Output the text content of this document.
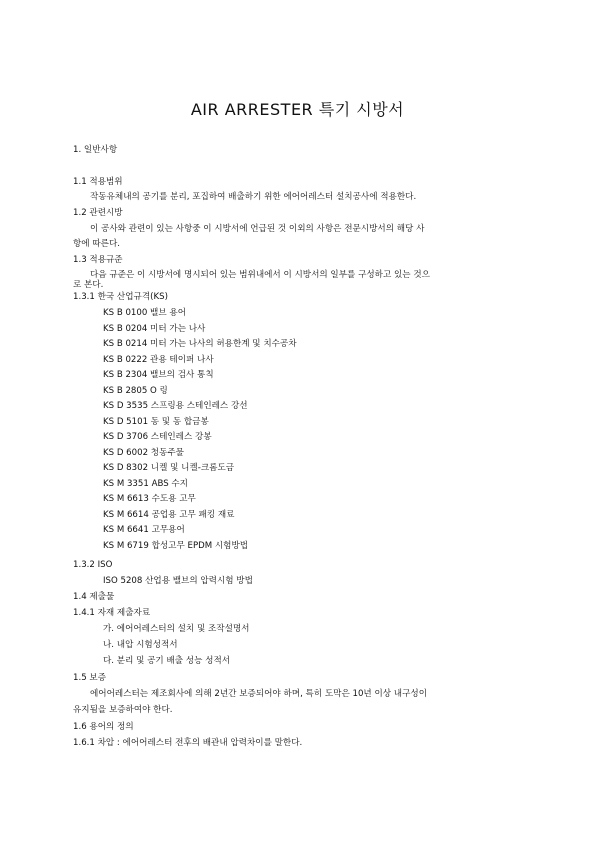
AIR ARRESTER 특기 시방서
1. 일반사항
1.1 적용범위
작동유체내의 공기를 분리, 포집하여 배출하기 위한 에어어레스터 설치공사에 적용한다.
1.2 관련시방
이 공사와 관련이 있는 사항중 이 시방서에 언급된 것 이외의 사항은 전문시방서의 해당 사
항에 따른다.
1.3 적용규준
다음 규준은 이 시방서에 명시되어 있는 범위내에서 이 시방서의 일부를 구성하고 있는 것으
로 본다.
1.3.1 한국 산업규격(KS)
KS B 0100 밸브 용어
KS B 0204 미터 가는 나사
KS B 0214 미터 가는 나사의 허용한계 및 치수공차
KS B 0222 관용 테이퍼 나사
KS B 2304 밸브의 검사 통칙
KS B 2805 O 링
KS D 3535 스프링용 스테인레스 강선
KS D 5101 동 및 동 합금봉
KS D 3706 스테인레스 강봉
KS D 6002 청동주물
KS D 8302 니켈 및 니켈-크롬도금
KS M 3351 ABS 수지
KS M 6613 수도용 고무
KS M 6614 공업용 고무 패킹 재료
KS M 6641 고무용어
KS M 6719 합성고무 EPDM 시험방법
1.3.2 ISO
ISO 5208 산업용 밸브의 압력시험 방법
1.4 제출물
1.4.1 자재 제출자료
가. 에어어레스터의 설치 및 조작설명서
나. 내압 시험성적서
다. 분리 및 공기 배출 성능 성적서
1.5 보증
에어어레스터는 제조회사에 의해 2년간 보증되어야 하며, 특히 도막은 10년 이상 내구성이
유지됨을 보증하여야 한다.
1.6 용어의 정의
1.6.1 차압 : 에어어레스터 전후의 배관내 압력차이를 말한다.
